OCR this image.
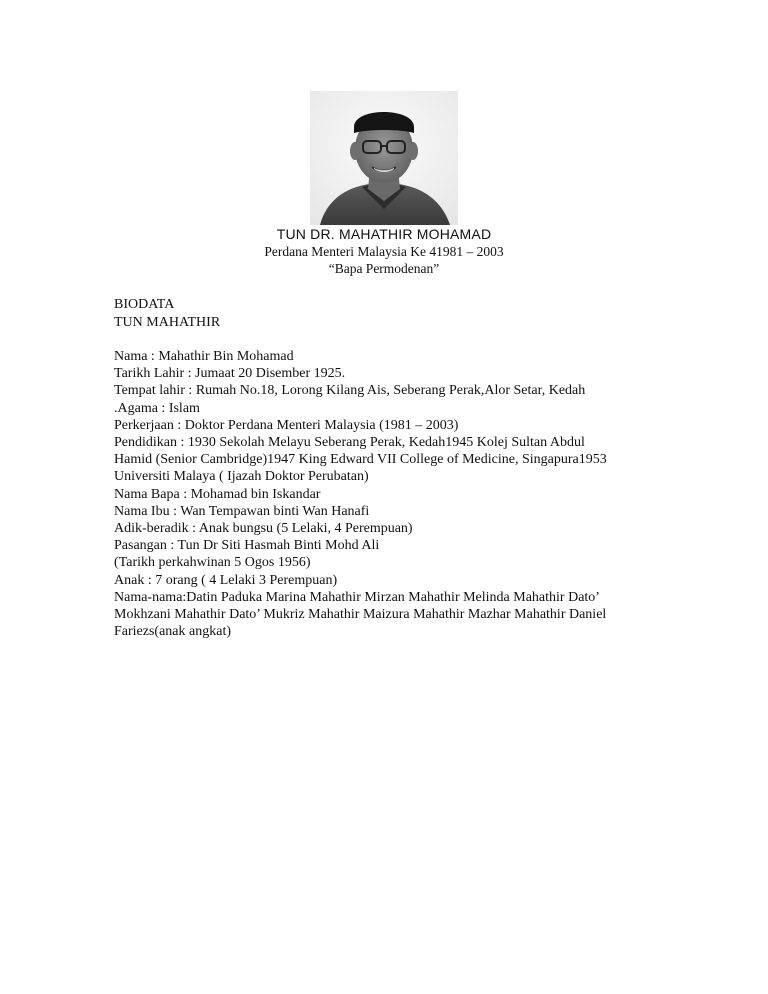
TUN DR. MAHATHIR MOHAMAD
Perdana Menteri Malaysia Ke 41981 – 2003
“Bapa Permodenan”
BIODATA
TUN MAHATHIR
Nama : Mahathir Bin Mohamad
Tarikh Lahir : Jumaat 20 Disember 1925.
Tempat lahir : Rumah No.18, Lorong Kilang Ais, Seberang Perak,Alor Setar, Kedah
.Agama : Islam
Perkerjaan : Doktor Perdana Menteri Malaysia (1981 – 2003)
Pendidikan : 1930 Sekolah Melayu Seberang Perak, Kedah1945 Kolej Sultan Abdul
Hamid (Senior Cambridge)1947 King Edward VII College of Medicine, Singapura1953
Universiti Malaya ( Ijazah Doktor Perubatan)
Nama Bapa : Mohamad bin Iskandar
Nama Ibu : Wan Tempawan binti Wan Hanafi
Adik-beradik : Anak bungsu (5 Lelaki, 4 Perempuan)
Pasangan : Tun Dr Siti Hasmah Binti Mohd Ali
(Tarikh perkahwinan 5 Ogos 1956)
Anak : 7 orang ( 4 Lelaki 3 Perempuan)
Nama-nama:Datin Paduka Marina Mahathir Mirzan Mahathir Melinda Mahathir Dato’
Mokhzani Mahathir Dato’ Mukriz Mahathir Maizura Mahathir Mazhar Mahathir Daniel
Fariezs(anak angkat)
